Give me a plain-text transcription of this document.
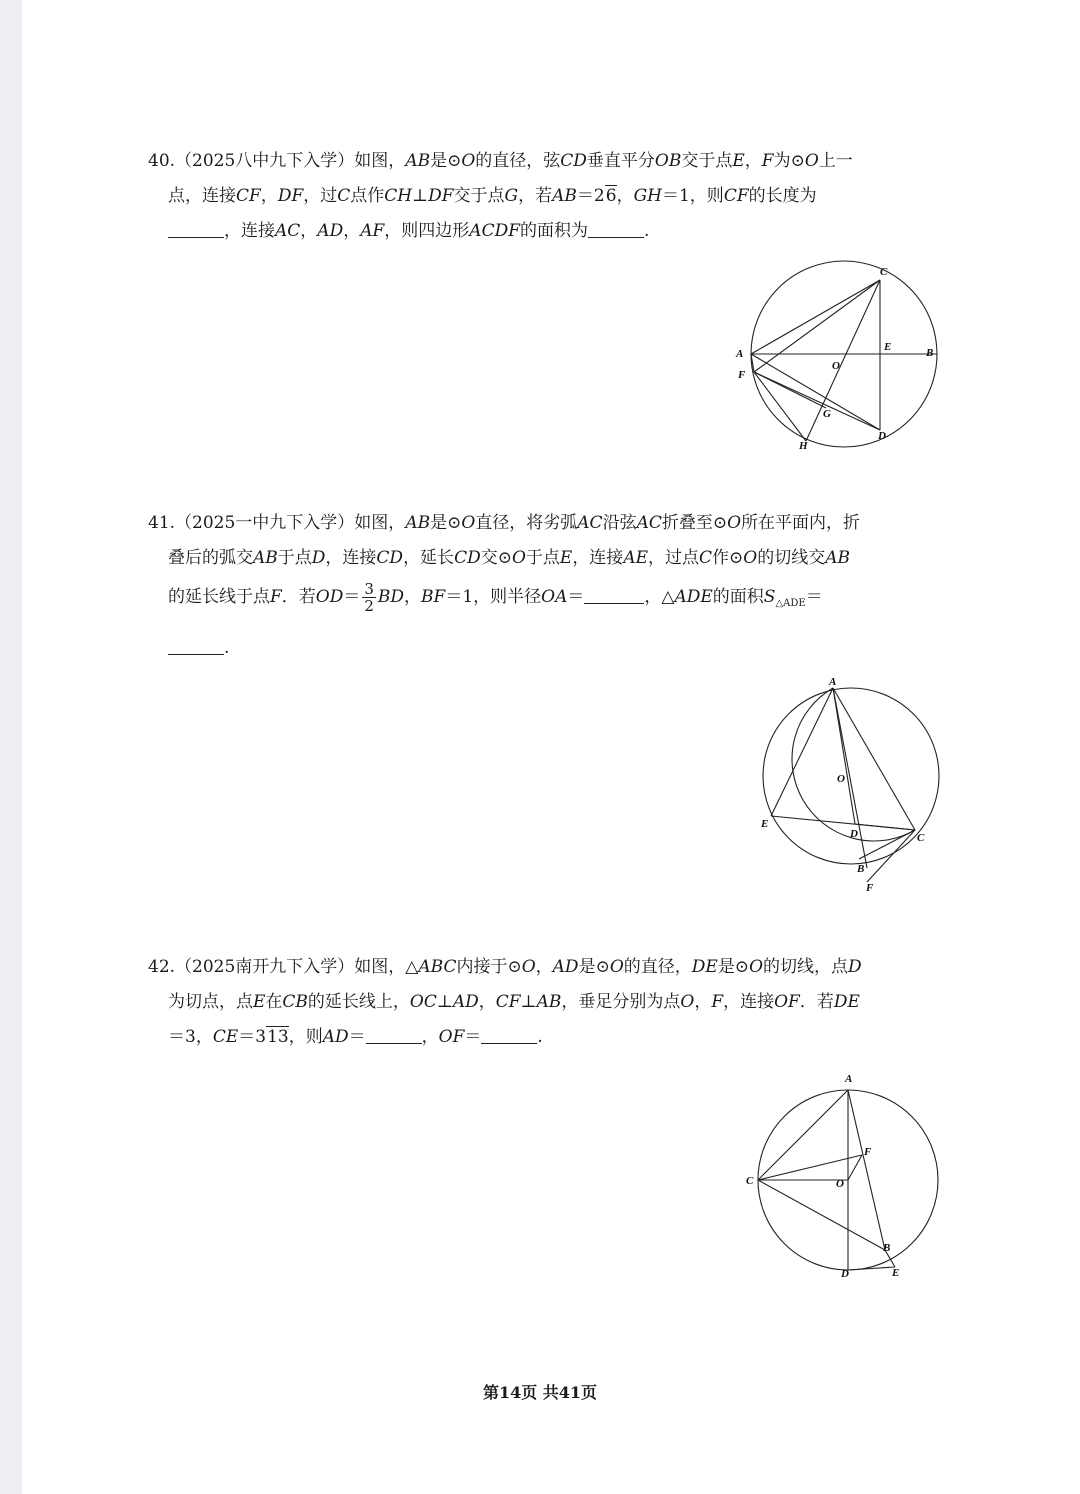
40.（2025八中九下入学）如图，AB是⊙O的直径，弦CD垂直平分OB交于点E，F为⊙O上一
点，连接CF，DF，过C点作CH⊥DF交于点G，若AB＝26，GH＝1，则CF的长度为
，连接AC，AD，AF，则四边形ACDF的面积为	.
C
A	B
E
O
F
G
D
H
41.（2025一中九下入学）如图，AB是⊙O直径，将劣弧AC沿弦AC折叠至⊙O所在平面内，折
叠后的弧交AB于点D，连接CD，延长CD交⊙O于点E，连接AE，过点C作⊙O的切线交AB
的延长线于点F．若$OD= \frac{3}{2}$ BD，BF＝1，则半径OA＝	，△ADE的面积$S_{\triangle ADE}=$
.
A
O
E
D	C
B
F
42.（2025南开九下入学）如图，△ABC内接于⊙O，AD是⊙O的直径，DE是⊙O的切线，点D
为切点，点E在CB的延长线上，OC⊥AD，CF⊥AB，垂足分别为点O，F，连接OF．若DE
＝3，CE＝313，则AD＝	，OF＝	.
A
F
C	O
B
D	E
第14页 共41页
